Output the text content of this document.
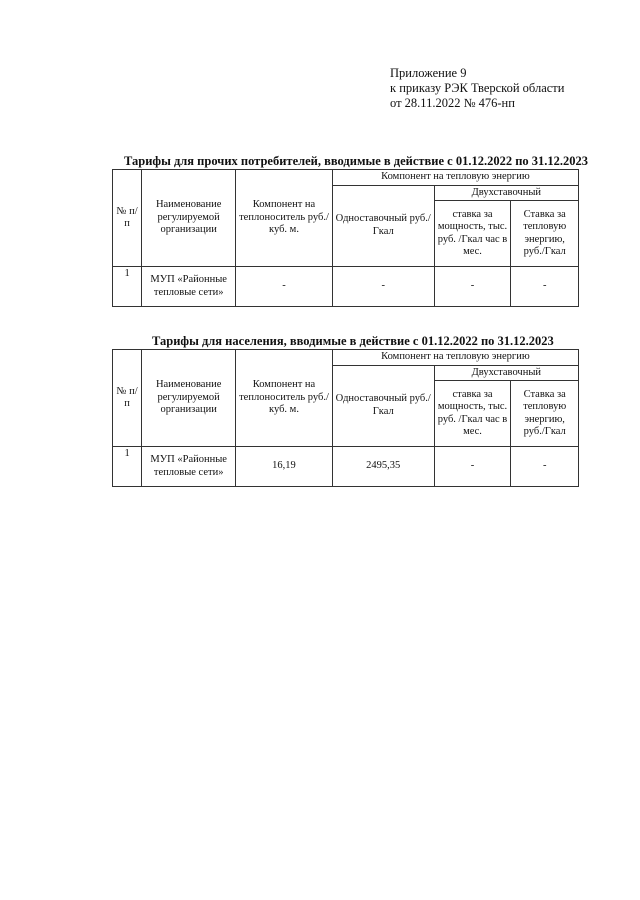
Приложение 9
к приказу РЭК Тверской области
от 28.11.2022 № 476-нп
Тарифы для прочих потребителей, вводимые в действие с 01.12.2022 по 31.12.2023
№ п/п	Наименование регулируемой организации	Компонент на теплоноситель руб./куб. м.	Компонент на тепловую энергию		
			Одноставочный руб./Гкал	Двухставочный	
				ставка за мощность, тыс. руб. /Гкал час в мес.	Ставка за тепловую энергию, руб./Гкал
1	МУП «Районные тепловые сети»	-	-	-	-
Тарифы для населения, вводимые в действие с 01.12.2022 по 31.12.2023
№ п/п	Наименование регулируемой организации	Компонент на теплоноситель руб./куб. м.	Компонент на тепловую энергию		
			Одноставочный руб./Гкал	Двухставочный	
				ставка за мощность, тыс. руб. /Гкал час в мес.	Ставка за тепловую энергию, руб./Гкал
1	МУП «Районные тепловые сети»	16,19	2495,35	-	-
